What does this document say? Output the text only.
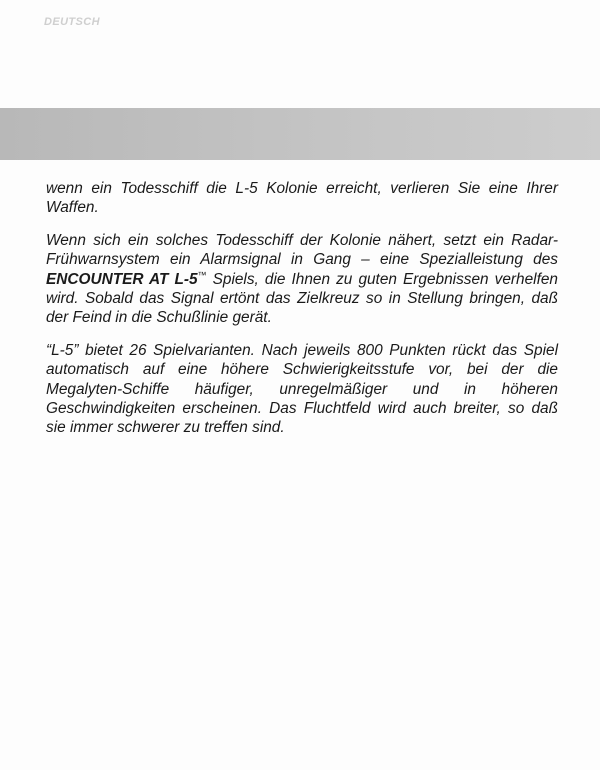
DEUTSCH

wenn ein Todesschiff die L-5 Kolonie erreicht, verlieren Sie eine Ihrer Waffen.

Wenn sich ein solches Todesschiff der Kolonie nähert, setzt ein Radar-Frühwarnsystem ein Alarmsignal in Gang – eine Spezialleistung des ENCOUNTER AT L-5™ Spiels, die Ihnen zu guten Ergebnissen verhelfen wird. Sobald das Signal ertönt das Zielkreuz so in Stellung bringen, daß der Feind in die Schußlinie gerät.

“L-5” bietet 26 Spielvarianten. Nach jeweils 800 Punkten rückt das Spiel automatisch auf eine höhere Schwierigkeitsstufe vor, bei der die Megalyten-Schiffe häufiger, unregelmäßiger und in höheren Geschwindigkeiten erscheinen. Das Fluchtfeld wird auch breiter, so daß sie immer schwerer zu treffen sind.
